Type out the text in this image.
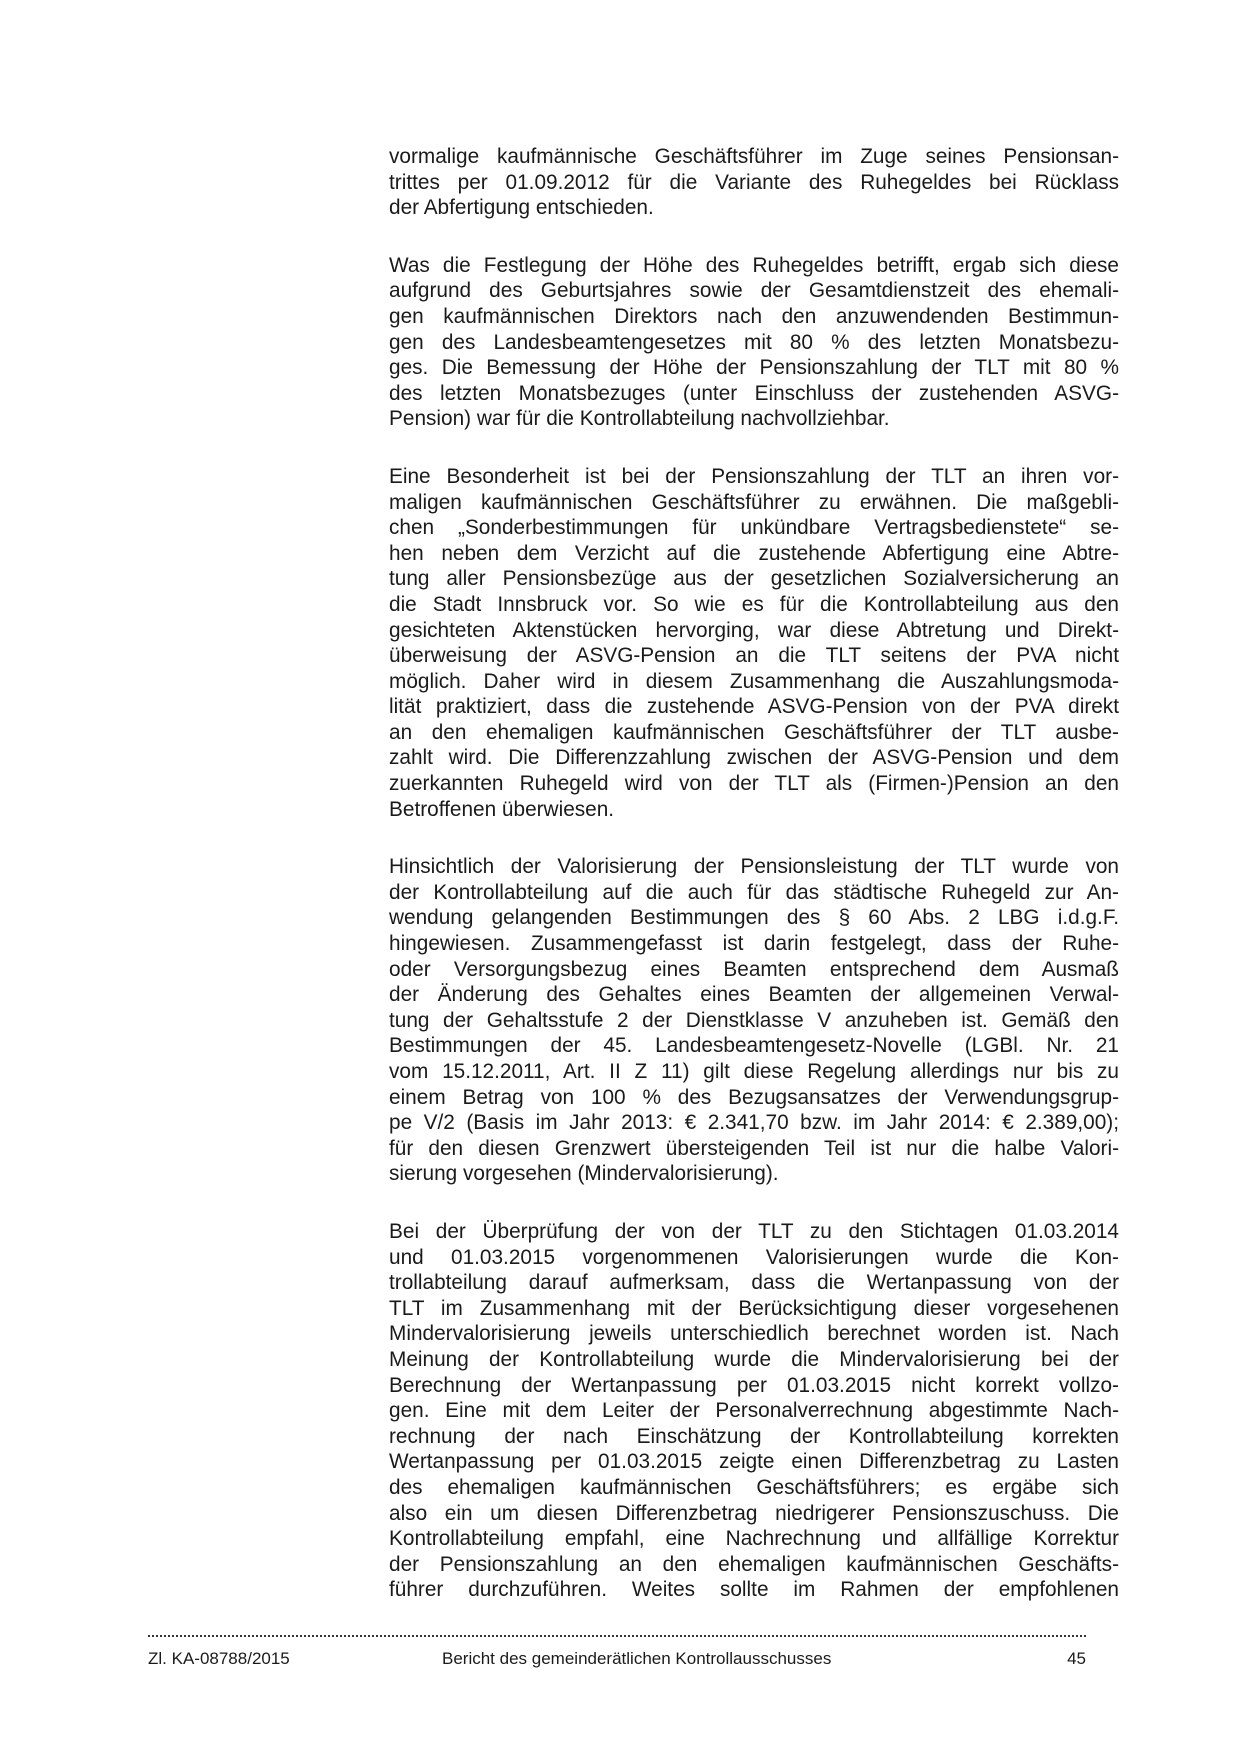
vormalige kaufmännische Geschäftsführer im Zuge seines Pensionsan-
trittes per 01.09.2012 für die Variante des Ruhegeldes bei Rücklass
der Abfertigung entschieden.
Was die Festlegung der Höhe des Ruhegeldes betrifft, ergab sich diese
aufgrund des Geburtsjahres sowie der Gesamtdienstzeit des ehemali-
gen kaufmännischen Direktors nach den anzuwendenden Bestimmun-
gen des Landesbeamtengesetzes mit 80 % des letzten Monatsbezu-
ges. Die Bemessung der Höhe der Pensionszahlung der TLT mit 80 %
des letzten Monatsbezuges (unter Einschluss der zustehenden ASVG-
Pension) war für die Kontrollabteilung nachvollziehbar.
Eine Besonderheit ist bei der Pensionszahlung der TLT an ihren vor-
maligen kaufmännischen Geschäftsführer zu erwähnen. Die maßgebli-
chen „Sonderbestimmungen für unkündbare Vertragsbedienstete“ se-
hen neben dem Verzicht auf die zustehende Abfertigung eine Abtre-
tung aller Pensionsbezüge aus der gesetzlichen Sozialversicherung an
die Stadt Innsbruck vor. So wie es für die Kontrollabteilung aus den
gesichteten Aktenstücken hervorging, war diese Abtretung und Direkt-
überweisung der ASVG-Pension an die TLT seitens der PVA nicht
möglich. Daher wird in diesem Zusammenhang die Auszahlungsmoda-
lität praktiziert, dass die zustehende ASVG-Pension von der PVA direkt
an den ehemaligen kaufmännischen Geschäftsführer der TLT ausbe-
zahlt wird. Die Differenzzahlung zwischen der ASVG-Pension und dem
zuerkannten Ruhegeld wird von der TLT als (Firmen-)Pension an den
Betroffenen überwiesen.
Hinsichtlich der Valorisierung der Pensionsleistung der TLT wurde von
der Kontrollabteilung auf die auch für das städtische Ruhegeld zur An-
wendung gelangenden Bestimmungen des § 60 Abs. 2 LBG i.d.g.F.
hingewiesen. Zusammengefasst ist darin festgelegt, dass der Ruhe-
oder Versorgungsbezug eines Beamten entsprechend dem Ausmaß
der Änderung des Gehaltes eines Beamten der allgemeinen Verwal-
tung der Gehaltsstufe 2 der Dienstklasse V anzuheben ist. Gemäß den
Bestimmungen der 45. Landesbeamtengesetz-Novelle (LGBl. Nr. 21
vom 15.12.2011, Art. II Z 11) gilt diese Regelung allerdings nur bis zu
einem Betrag von 100 % des Bezugsansatzes der Verwendungsgrup-
pe V/2 (Basis im Jahr 2013: € 2.341,70 bzw. im Jahr 2014: € 2.389,00);
für den diesen Grenzwert übersteigenden Teil ist nur die halbe Valori-
sierung vorgesehen (Mindervalorisierung).
Bei der Überprüfung der von der TLT zu den Stichtagen 01.03.2014
und 01.03.2015 vorgenommenen Valorisierungen wurde die Kon-
trollabteilung darauf aufmerksam, dass die Wertanpassung von der
TLT im Zusammenhang mit der Berücksichtigung dieser vorgesehenen
Mindervalorisierung jeweils unterschiedlich berechnet worden ist. Nach
Meinung der Kontrollabteilung wurde die Mindervalorisierung bei der
Berechnung der Wertanpassung per 01.03.2015 nicht korrekt vollzo-
gen. Eine mit dem Leiter der Personalverrechnung abgestimmte Nach-
rechnung der nach Einschätzung der Kontrollabteilung korrekten
Wertanpassung per 01.03.2015 zeigte einen Differenzbetrag zu Lasten
des ehemaligen kaufmännischen Geschäftsführers; es ergäbe sich
also ein um diesen Differenzbetrag niedrigerer Pensionszuschuss. Die
Kontrollabteilung empfahl, eine Nachrechnung und allfällige Korrektur
der Pensionszahlung an den ehemaligen kaufmännischen Geschäfts-
führer durchzuführen. Weites sollte im Rahmen der empfohlenen
Zl. KA-08788/2015	Bericht des gemeinderätlichen Kontrollausschusses	45
